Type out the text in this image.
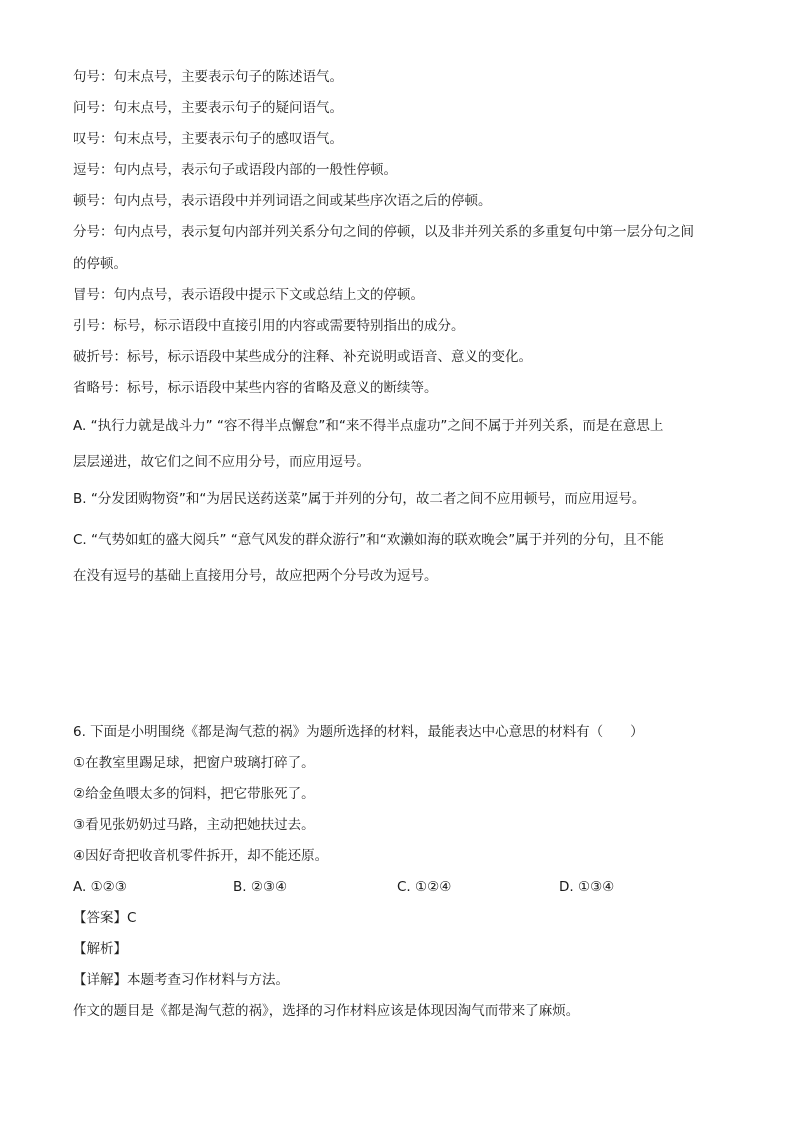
句号：句末点号，主要表示句子的陈述语气。
问号：句末点号，主要表示句子的疑问语气。
叹号：句末点号，主要表示句子的感叹语气。
逗号：句内点号，表示句子或语段内部的一般性停顿。
顿号：句内点号，表示语段中并列词语之间或某些序次语之后的停顿。
分号：句内点号，表示复句内部并列关系分句之间的停顿，以及非并列关系的多重复句中第一层分句之间
的停顿。
冒号：句内点号，表示语段中提示下文或总结上文的停顿。
引号：标号，标示语段中直接引用的内容或需要特别指出的成分。
破折号：标号，标示语段中某些成分的注释、补充说明或语音、意义的变化。
省略号：标号，标示语段中某些内容的省略及意义的断续等。
A. “执行力就是战斗力” “容不得半点懈怠”和“来不得半点虚功”之间不属于并列关系，而是在意思上
层层递进，故它们之间不应用分号，而应用逗号。
B. “分发团购物资”和“为居民送药送菜”属于并列的分句，故二者之间不应用顿号，而应用逗号。
C. “气势如虹的盛大阅兵” “意气风发的群众游行”和“欢濑如海的联欢晚会”属于并列的分句，且不能
在没有逗号的基础上直接用分号，故应把两个分号改为逗号。
6. 下面是小明围绕《都是淘气惹的祸》为题所选择的材料，最能表达中心意思的材料有（　　）
①在教室里踢足球，把窗户玻璃打碎了。
②给金鱼喂太多的饲料，把它带胀死了。
③看见张奶奶过马路，主动把她扶过去。
④因好奇把收音机零件拆开，却不能还原。
A. ①②③	B. ②③④	C. ①②④	D. ①③④
【答案】C
【解析】
【详解】本题考查习作材料与方法。
作文的题目是《都是淘气惹的祸》，选择的习作材料应该是体现因淘气而带来了麻烦。
